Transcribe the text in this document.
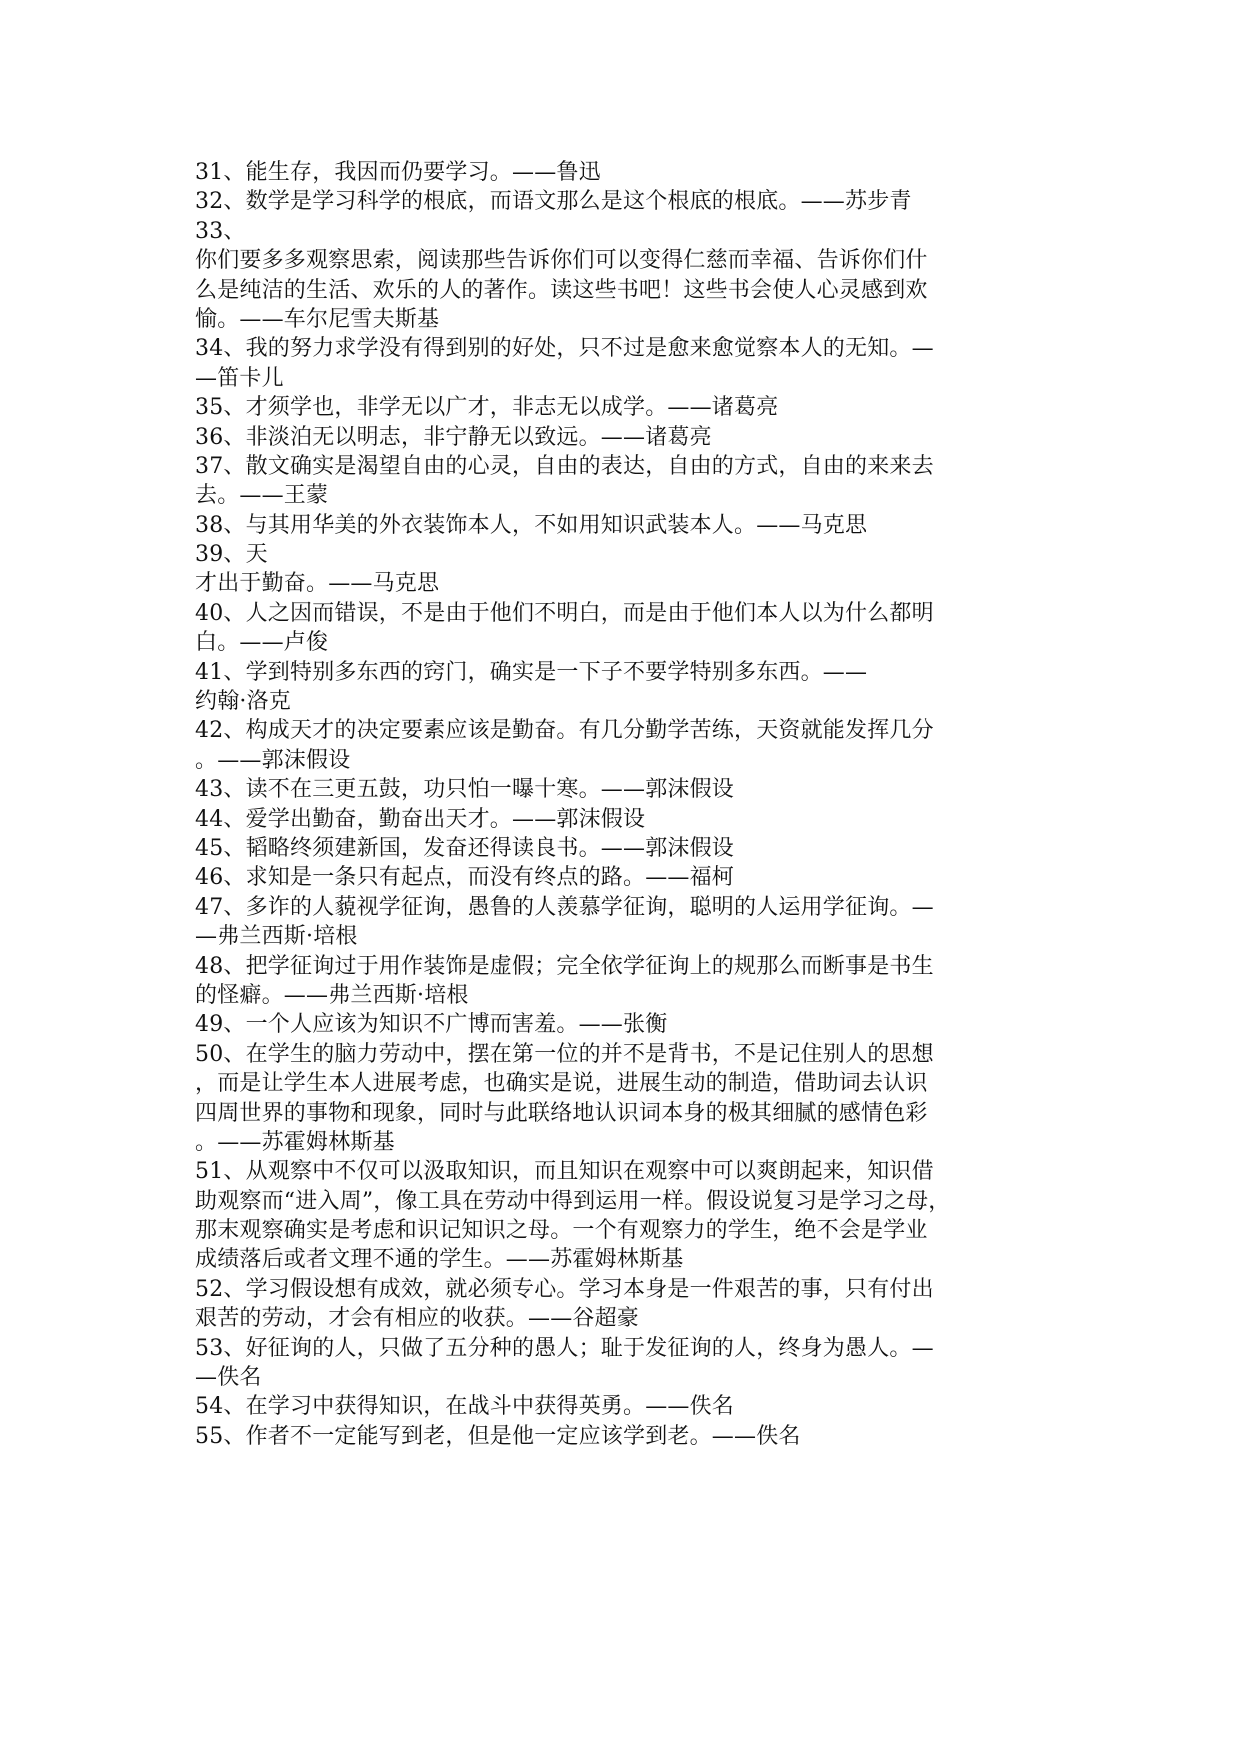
31、能生存，我因而仍要学习。——鲁迅
32、数学是学习科学的根底，而语文那么是这个根底的根底。——苏步青
33、
你们要多多观察思索，阅读那些告诉你们可以变得仁慈而幸福、告诉你们什
么是纯洁的生活、欢乐的人的著作。读这些书吧！这些书会使人心灵感到欢
愉。——车尔尼雪夫斯基
34、我的努力求学没有得到别的好处，只不过是愈来愈觉察本人的无知。—
—笛卡儿
35、才须学也，非学无以广才，非志无以成学。——诸葛亮
36、非淡泊无以明志，非宁静无以致远。——诸葛亮
37、散文确实是渴望自由的心灵，自由的表达，自由的方式，自由的来来去
去。——王蒙
38、与其用华美的外衣装饰本人，不如用知识武装本人。——马克思
39、天
才出于勤奋。——马克思
40、人之因而错误，不是由于他们不明白，而是由于他们本人以为什么都明
白。——卢俊
41、学到特别多东西的窍门，确实是一下子不要学特别多东西。——
约翰·洛克
42、构成天才的决定要素应该是勤奋。有几分勤学苦练，天资就能发挥几分
。——郭沫假设
43、读不在三更五鼓，功只怕一曝十寒。——郭沫假设
44、爱学出勤奋，勤奋出天才。——郭沫假设
45、韬略终须建新国，发奋还得读良书。——郭沫假设
46、求知是一条只有起点，而没有终点的路。——福柯
47、多诈的人藐视学征询，愚鲁的人羡慕学征询，聪明的人运用学征询。—
—弗兰西斯·培根
48、把学征询过于用作装饰是虚假；完全依学征询上的规那么而断事是书生
的怪癖。——弗兰西斯·培根
49、一个人应该为知识不广博而害羞。——张衡
50、在学生的脑力劳动中，摆在第一位的并不是背书，不是记住别人的思想
，而是让学生本人进展考虑，也确实是说，进展生动的制造，借助词去认识
四周世界的事物和现象，同时与此联络地认识词本身的极其细腻的感情色彩
。——苏霍姆林斯基
51、从观察中不仅可以汲取知识，而且知识在观察中可以爽朗起来，知识借
助观察而“进入周”，像工具在劳动中得到运用一样。假设说复习是学习之母，
那末观察确实是考虑和识记知识之母。一个有观察力的学生，绝不会是学业
成绩落后或者文理不通的学生。——苏霍姆林斯基
52、学习假设想有成效，就必须专心。学习本身是一件艰苦的事，只有付出
艰苦的劳动，才会有相应的收获。——谷超豪
53、好征询的人，只做了五分种的愚人；耻于发征询的人，终身为愚人。—
—佚名
54、在学习中获得知识，在战斗中获得英勇。——佚名
55、作者不一定能写到老，但是他一定应该学到老。——佚名
